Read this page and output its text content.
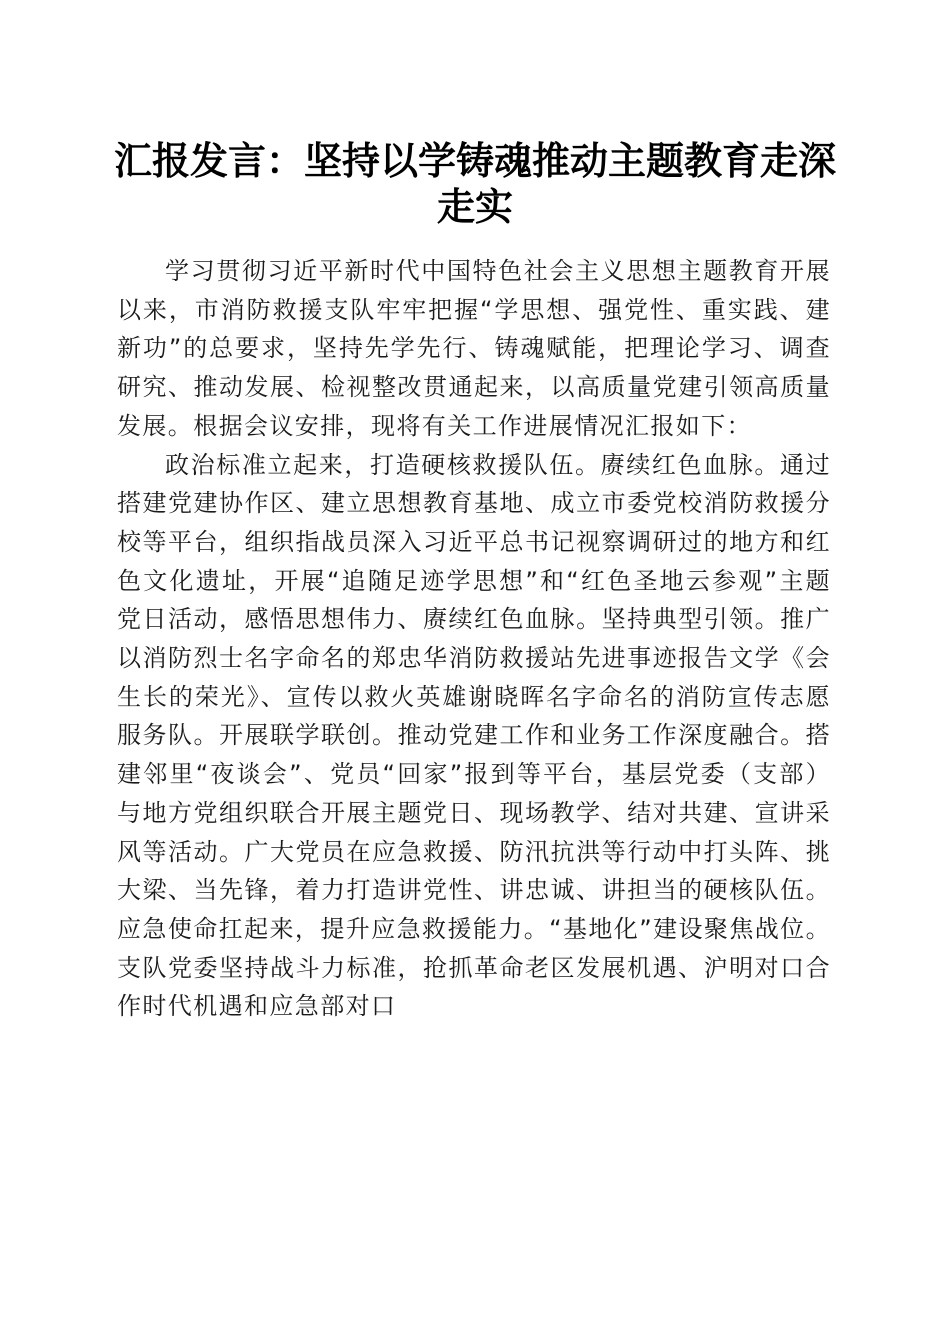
汇报发言：坚持以学铸魂推动主题教育走深走实

学习贯彻习近平新时代中国特色社会主义思想主题教育开展以来，市消防救援支队牢牢把握“学思想、强党性、重实践、建新功”的总要求，坚持先学先行、铸魂赋能，把理论学习、调查研究、推动发展、检视整改贯通起来，以高质量党建引领高质量发展。根据会议安排，现将有关工作进展情况汇报如下：

政治标准立起来，打造硬核救援队伍。赓续红色血脉。通过搭建党建协作区、建立思想教育基地、成立市委党校消防救援分校等平台，组织指战员深入习近平总书记视察调研过的地方和红色文化遗址，开展“追随足迹学思想”和“红色圣地云参观”主题党日活动，感悟思想伟力、赓续红色血脉。坚持典型引领。推广以消防烈士名字命名的郑忠华消防救援站先进事迹报告文学《会生长的荣光》、宣传以救火英雄谢晓晖名字命名的消防宣传志愿服务队。开展联学联创。推动党建工作和业务工作深度融合。搭建邻里“夜谈会”、党员“回家”报到等平台，基层党委（支部）与地方党组织联合开展主题党日、现场教学、结对共建、宣讲采风等活动。广大党员在应急救援、防汛抗洪等行动中打头阵、挑大梁、当先锋，着力打造讲党性、讲忠诚、讲担当的硬核队伍。应急使命扛起来，提升应急救援能力。“基地化”建设聚焦战位。支队党委坚持战斗力标准，抢抓革命老区发展机遇、沪明对口合作时代机遇和应急部对口
